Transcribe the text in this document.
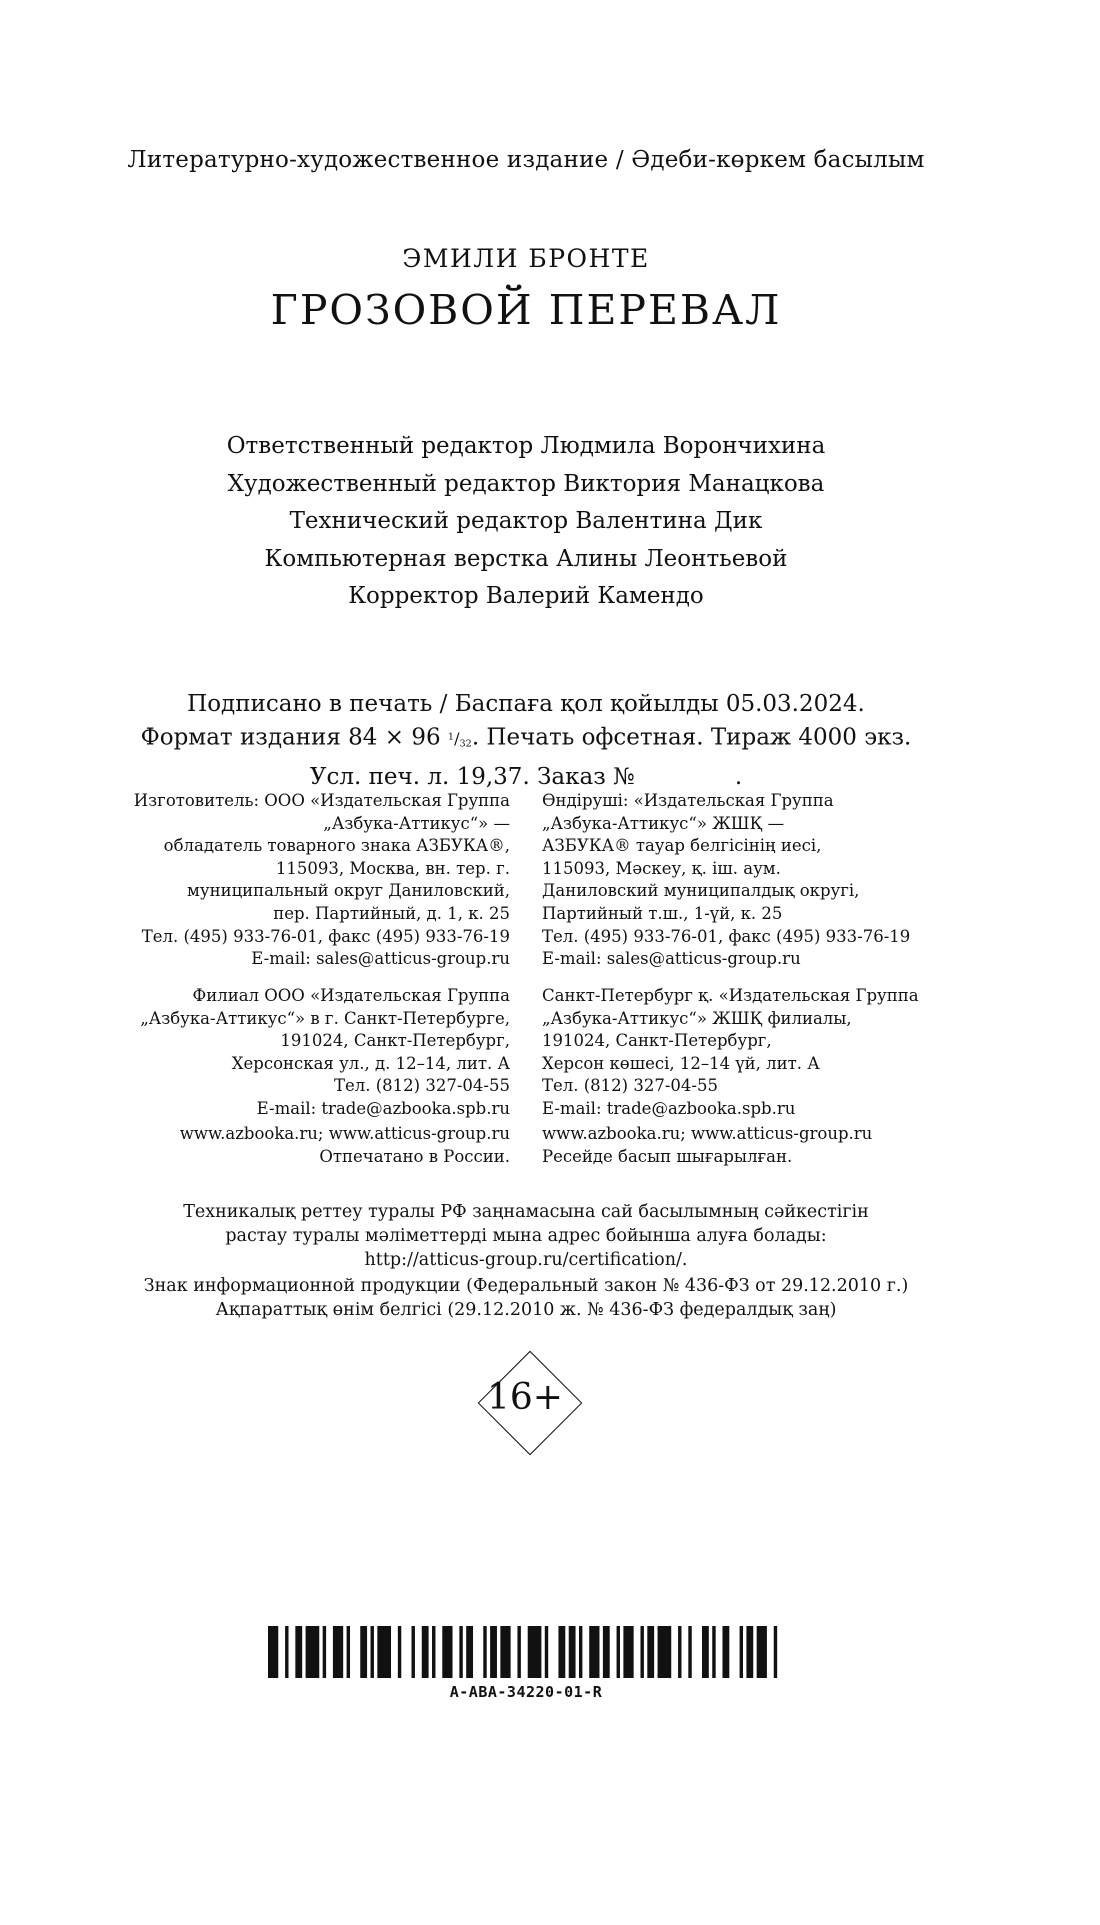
Литературно-художественное издание / Әдеби-көркем басылым
ЭМИЛИ БРОНТЕ
ГРОЗОВОЙ ПЕРЕВАЛ
Ответственный редактор Людмила Ворончихина
Художественный редактор Виктория Манацкова
Технический редактор Валентина Дик
Компьютерная верстка Алины Леонтьевой
Корректор Валерий Камендо
Подписано в печать / Баспаға қол қойылды 05.03.2024.
Формат издания 84 × 96 $^1/_{32}$. Печать офсетная. Тираж 4000 экз.
Усл. печ. л. 19,37. Заказ №	.
Изготовитель: ООО «Издательская Группа
„Азбука-Аттикус“» —
обладатель товарного знака АЗБУКА®,
115093, Москва, вн. тер. г.
муниципальный округ Даниловский,
пер. Партийный, д. 1, к. 25
Тел. (495) 933-76-01, факс (495) 933-76-19
E-mail: sales@atticus-group.ru
Өндіруші: «Издательская Группа
„Азбука-Аттикус“» ЖШҚ —
АЗБУКА® тауар белгісінің иесі,
115093, Мәскеу, қ. іш. аум.
Даниловский муниципалдық округі,
Партийный т.ш., 1-үй, к. 25
Тел. (495) 933-76-01, факс (495) 933-76-19
E-mail: sales@atticus-group.ru
Филиал ООО «Издательская Группа
„Азбука-Аттикус“» в г. Санкт-Петербурге,
191024, Санкт-Петербург,
Херсонская ул., д. 12–14, лит. А
Тел. (812) 327-04-55
E-mail: trade@azbooka.spb.ru
Санкт-Петербург қ. «Издательская Группа
„Азбука-Аттикус“» ЖШҚ филиалы,
191024, Санкт-Петербург,
Херсон көшесі, 12–14 үй, лит. А
Тел. (812) 327-04-55
E-mail: trade@azbooka.spb.ru
www.azbooka.ru; www.atticus-group.ru
Отпечатано в России.
www.azbooka.ru; www.atticus-group.ru
Ресейде басып шығарылған.
Техникалық реттеу туралы РФ заңнамасына сай басылымның сәйкестігін
растау туралы мәліметтерді мына адрес бойынша алуға болады:
http://atticus-group.ru/certification/.
Знак информационной продукции (Федеральный закон № 436-ФЗ от 29.12.2010 г.)
Ақпараттық өнім белгісі (29.12.2010 ж. № 436-ФЗ федералдық заң)
16+
A-ABA-34220-01-R
